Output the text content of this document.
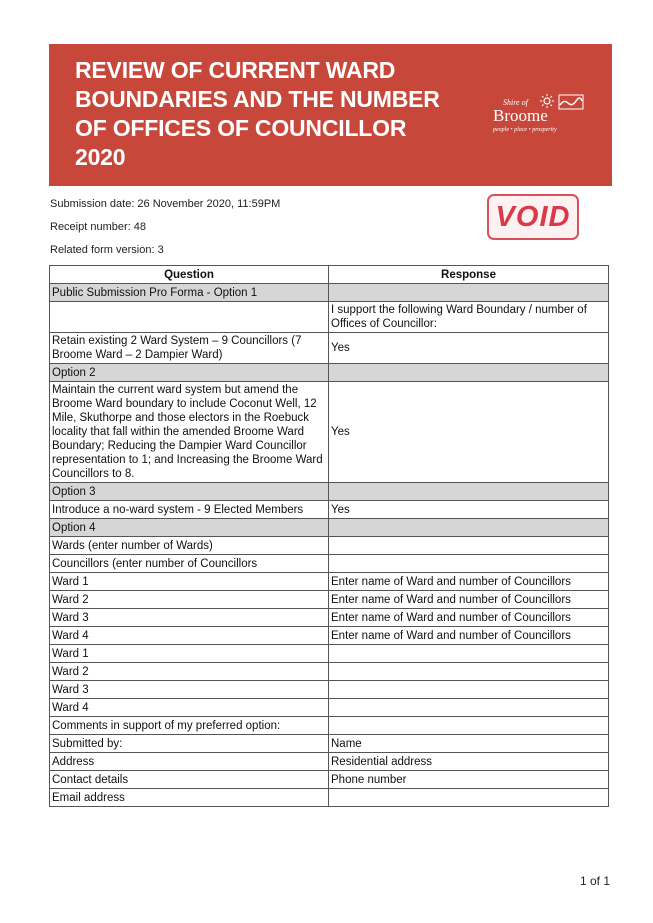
REVIEW OF CURRENT WARD
BOUNDARIES AND THE NUMBER
OF OFFICES OF COUNCILLOR
2020
Shire of
Broome
people • place • prosperity
Submission date: 26 November 2020, 11:59PM
Receipt number: 48
Related form version: 3
VOID
Question	Response
Public Submission Pro Forma - Option 1	
	I support the following Ward Boundary / number of Offices of Councillor:
Retain existing 2 Ward System – 9 Councillors (7 Broome Ward – 2 Dampier Ward)	Yes
Option 2	
Maintain the current ward system but amend the Broome Ward boundary to include Coconut Well, 12 Mile, Skuthorpe and those electors in the Roebuck locality that fall within the amended Broome Ward Boundary; Reducing the Dampier Ward Councillor representation to 1; and Increasing the Broome Ward Councillors to 8.	Yes
Option 3	
Introduce a no-ward system - 9 Elected Members	Yes
Option 4	
Wards (enter number of Wards)	
Councillors (enter number of Councillors	
Ward 1	Enter name of Ward and number of Councillors
Ward 2	Enter name of Ward and number of Councillors
Ward 3	Enter name of Ward and number of Councillors
Ward 4	Enter name of Ward and number of Councillors
Ward 1	
Ward 2	
Ward 3	
Ward 4	
Comments in support of my preferred option:	
Submitted by:	Name
Address	Residential address
Contact details	Phone number
Email address	
1 of 1
